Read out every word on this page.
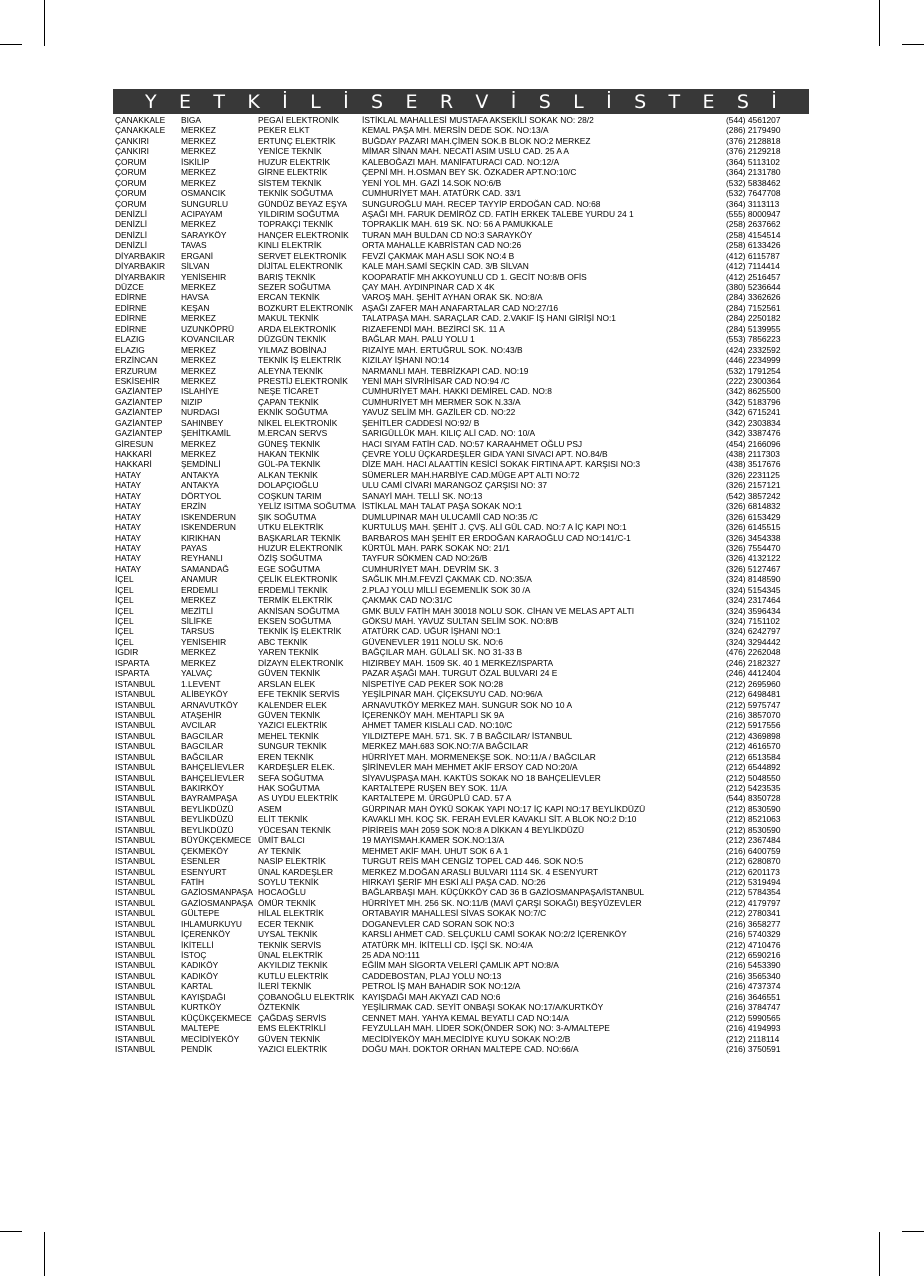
Y E T K İ L İ S E R V İ S L İ S T E S İ
ÇANAKKALE	BIGA	PEGAİ ELEKTRONİK	İSTİKLAL MAHALLESİ MUSTAFA AKSEKİLİ SOKAK NO: 28/2	(544) 4561207
ÇANAKKALE	MERKEZ	PEKER ELKT	KEMAL PAŞA MH. MERSİN DEDE SOK. NO:13/A	(286) 2179490
ÇANKIRI	MERKEZ	ERTUNÇ ELEKTRİK	BUĞDAY PAZARI MAH.ÇİMEN SOK.B BLOK NO:2 MERKEZ	(376) 2128818
ÇANKIRI	MERKEZ	YENİCE TEKNİK	MİMAR SİNAN MAH. NECATİ ASIM USLU CAD. 25 A A	(376) 2129218
ÇORUM	İSKİLİP	HUZUR ELEKTRİK	KALEBOĞAZI MAH. MANİFATURACI CAD. NO:12/A	(364) 5113102
ÇORUM	MERKEZ	GİRNE ELEKTRİK	ÇEPNİ MH. H.OSMAN BEY SK. ÖZKADER APT.NO:10/C	(364) 2131780
ÇORUM	MERKEZ	SİSTEM TEKNİK	YENİ YOL MH. GAZİ 14.SOK NO:6/B	(532) 5838462
ÇORUM	OSMANCIK	TEKNİK SOĞUTMA	CUMHURİYET MAH. ATATÜRK CAD. 33/1	(532) 7647708
ÇORUM	SUNGURLU	GÜNDÜZ BEYAZ EŞYA	SUNGUROĞLU MAH. RECEP TAYYİP ERDOĞAN CAD. NO:68	(364) 3113113
DENİZLİ	ACIPAYAM	YILDIRIM SOĞUTMA	AŞAĞI MH. FARUK DEMİRÖZ CD. FATİH ERKEK TALEBE YURDU 24 1	(555) 8000947
DENİZLİ	MERKEZ	TOPRAKÇI TEKNİK	TOPRAKLIK MAH. 619 SK. NO: 56 A PAMUKKALE	(258) 2637662
DENİZLİ	SARAYKÖY	HANÇER ELEKTRONİK	TURAN MAH BULDAN CD NO:3 SARAYKÖY	(258) 4154514
DENİZLİ	TAVAS	KINLI ELEKTRİK	ORTA MAHALLE KABRİSTAN CAD NO:26	(258) 6133426
DİYARBAKIR	ERGANİ	SERVET ELEKTRONİK	FEVZİ ÇAKMAK MAH ASLI SOK NO:4 B	(412) 6115787
DİYARBAKIR	SİLVAN	DİJİTAL ELEKTRONİK	KALE MAH.SAMİ SEÇKİN CAD. 3/B SİLVAN	(412) 7114414
DİYARBAKIR	YENİSEHIR	BARIŞ TEKNİK	KOOPARATİF MH AKKOYUNLU CD 1. GECİT NO:8/B OFİS	(412) 2516457
DÜZCE	MERKEZ	SEZER SOĞUTMA	ÇAY MAH. AYDINPINAR CAD X 4K	(380) 5236644
EDİRNE	HAVSA	ERCAN TEKNİK	VAROŞ MAH. ŞEHİT AYHAN ORAK SK. NO:8/A	(284) 3362626
EDİRNE	KEŞAN	BOZKURT ELEKTRONİK	AŞAĞI ZAFER MAH ANAFARTALAR CAD NO:27/16	(284) 7152561
EDİRNE	MERKEZ	MAKUL TEKNİK	TALATPAŞA MAH. SARAÇLAR CAD. 2.VAKIF İŞ HANI GİRİŞİ NO:1	(284) 2250182
EDİRNE	UZUNKÖPRÜ	ARDA ELEKTRONİK	RIZAEFENDİ MAH. BEZİRCİ SK. 11 A	(284) 5139955
ELAZIG	KOVANCILAR	DÜZGÜN TEKNİK	BAĞLAR MAH. PALU YOLU 1	(553) 7856223
ELAZIG	MERKEZ	YILMAZ BOBİNAJ	RIZAİYE MAH. ERTUĞRUL SOK. NO:43/B	(424) 2332592
ERZİNCAN	MERKEZ	TEKNİK İŞ ELEKTRİK	KIZILAY İŞHANI NO:14	(446) 2234999
ERZURUM	MERKEZ	ALEYNA TEKNİK	NARMANLI MAH. TEBRİZKAPI CAD. NO:19	(532) 1791254
ESKİSEHİR	MERKEZ	PRESTİJ ELEKTRONİK	YENİ MAH SİVRİHİSAR CAD NO:94 /C	(222) 2300364
GAZİANTEP	ISLAHİYE	NEŞE TİCARET	CUMHURİYET MAH. HAKKI DEMİREL CAD. NO:8	(342) 8625500
GAZİANTEP	NIZIP	ÇAPAN TEKNİK	CUMHURİYET MH MERMER SOK N.33/A	(342) 5183796
GAZİANTEP	NURDAGI	EKNİK SOĞUTMA	YAVUZ SELİM MH. GAZİLER CD. NO:22	(342) 6715241
GAZİANTEP	SAHINBEY	NİKEL ELEKTRONİK	ŞEHİTLER CADDESİ NO:92/ B	(342) 2303834
GAZİANTEP	ŞEHİTKAMİL	M.ERCAN SERVS	SARIGÜLLÜK MAH. KILIÇ ALİ CAD. NO: 10/A	(342) 3387476
GİRESUN	MERKEZ	GÜNEŞ TEKNİK	HACI SIYAM FATİH CAD. NO:57 KARAAHMET OĞLU PSJ	(454) 2166096
HAKKARİ	MERKEZ	HAKAN TEKNİK	ÇEVRE YOLU ÜÇKARDEŞLER GIDA YANI SIVACI APT. NO.84/B	(438) 2117303
HAKKARİ	ŞEMDİNLİ	GÜL-PA TEKNİK	DİZE MAH. HACI ALAATTİN KESİCİ SOKAK FIRTINA APT. KARŞISI NO:3	(438) 3517676
HATAY	ANTAKYA	ALKAN TEKNİK	SÜMERLER MAH.HARBİYE CAD.MÜGE APT ALTI NO:72	(326) 2231125
HATAY	ANTAKYA	DOLAPÇIOĞLU	ULU CAMİ CİVARI MARANGOZ ÇARŞISI NO: 37	(326) 2157121
HATAY	DÖRTYOL	COŞKUN TARIM	SANAYİ MAH. TELLİ SK. NO:13	(542) 3857242
HATAY	ERZİN	YELİZ ISITMA SOĞUTMA	İSTİKLAL MAH TALAT PAŞA SOKAK NO:1	(326) 6814832
HATAY	ISKENDERUN	ŞIK SOĞUTMA	DUMLUPINAR MAH ULUCAMİİ CAD NO:35 /C	(326) 6153429
HATAY	ISKENDERUN	UTKU ELEKTRİK	KURTULUŞ MAH. ŞEHİT J. ÇVŞ. ALİ GÜL CAD. NO:7 A İÇ KAPI NO:1	(326) 6145515
HATAY	KIRIKHAN	BAŞKARLAR TEKNİK	BARBAROS MAH ŞEHİT ER ERDOĞAN KARAOĞLU CAD NO:141/C-1	(326) 3454338
HATAY	PAYAS	HUZUR ELEKTRONİK	KÜRTÜL MAH. PARK SOKAK NO: 21/1	(326) 7554470
HATAY	REYHANLI	ÖZİŞ SOĞUTMA	TAYFUR SÖKMEN CAD NO:26/B	(326) 4132122
HATAY	SAMANDAĞ	EGE SOĞUTMA	CUMHURİYET MAH. DEVRİM SK. 3	(326) 5127467
İÇEL	ANAMUR	ÇELİK ELEKTRONİK	SAĞLIK MH.M.FEVZİ ÇAKMAK CD. NO:35/A	(324) 8148590
İÇEL	ERDEMLI	ERDEMLİ TEKNİK	2.PLAJ YOLU MİLLİ EGEMENLİK SOK 30 /A	(324) 5154345
İÇEL	MERKEZ	TERMİK ELEKTRİK	ÇAKMAK CAD NO:31/C	(324) 2317464
İÇEL	MEZİTLİ	AKNİSAN SOĞUTMA	GMK BULV FATİH MAH 30018 NOLU SOK. CİHAN VE MELAS APT ALTI	(324) 3596434
İÇEL	SİLİFKE	EKSEN SOĞUTMA	GÖKSU MAH. YAVUZ SULTAN SELİM SOK. NO:8/B	(324) 7151102
İÇEL	TARSUS	TEKNİK İŞ ELEKTRİK	ATATÜRK CAD. UĞUR İŞHANI NO:1	(324) 6242797
İÇEL	YENİSEHIR	ABC TEKNİK	GÜVENEVLER 1911 NOLU SK. NO:6	(324) 3294442
IGDIR	MERKEZ	YAREN TEKNİK	BAĞÇILAR MAH. GÜLALİ SK. NO 31-33 B	(476) 2262048
ISPARTA	MERKEZ	DİZAYN ELEKTRONİK	HIZIRBEY MAH. 1509 SK. 40 1 MERKEZ/ISPARTA	(246) 2182327
ISPARTA	YALVAÇ	GÜVEN TEKNİK	PAZAR AŞAĞI MAH. TURGUT ÖZAL BULVARI 24 E	(246) 4412404
ISTANBUL	1.LEVENT	ARSLAN ELEK	NİSPETİYE CAD PEKER SOK NO:28	(212) 2695960
ISTANBUL	ALİBEYKÖY	EFE TEKNİK SERVİS	YEŞİLPINAR MAH. ÇİÇEKSUYU CAD. NO:96/A	(212) 6498481
ISTANBUL	ARNAVUTKÖY	KALENDER ELEK	ARNAVUTKÖY MERKEZ MAH. SUNGUR SOK NO 10 A	(212) 5975747
ISTANBUL	ATAŞEHİR	GÜVEN TEKNİK	İÇERENKÖY MAH. MEHTAPLI SK 9A	(216) 3857070
ISTANBUL	AVCILAR	YAZICI ELEKTRİK	AHMET TAMER KISLALI CAD. NO:10/C	(212) 5917556
ISTANBUL	BAGCILAR	MEHEL TEKNİK	YILDIZTEPE MAH. 571. SK. 7 B BAĞCILAR/ İSTANBUL	(212) 4369898
ISTANBUL	BAGCILAR	SUNGUR TEKNİK	MERKEZ MAH.683 SOK.NO:7/A BAĞCILAR	(212) 4616570
ISTANBUL	BAĞCILAR	EREN TEKNİK	HÜRRİYET MAH. MORMENEKŞE SOK. NO:11/A / BAĞCILAR	(212) 6513584
ISTANBUL	BAHÇELİEVLER	KARDEŞLER ELEK.	ŞİRİNEVLER MAH MEHMET AKİF ERSOY CAD NO:20/A	(212) 6544892
ISTANBUL	BAHÇELİEVLER	SEFA SOĞUTMA	SİYAVUŞPAŞA MAH. KAKTÜS SOKAK NO 18 BAHÇELİEVLER	(212) 5048550
ISTANBUL	BAKIRKÖY	HAK SOĞUTMA	KARTALTEPE RUŞEN BEY SOK. 11/A	(212) 5423535
ISTANBUL	BAYRAMPAŞA	AS UYDU ELEKTRİK	KARTALTEPE M. ÜRGÜPLÜ CAD. 57 A	(544) 8350728
ISTANBUL	BEYLİKDÜZÜ	ASEM	GÜRPINAR MAH ÖYKÜ SOKAK YAPI NO:17 İÇ KAPI NO:17 BEYLİKDÜZÜ	(212) 8530590
ISTANBUL	BEYLİKDÜZÜ	ELİT TEKNİK	KAVAKLI MH. KOÇ SK. FERAH EVLER KAVAKLI SİT. A BLOK NO:2 D:10	(212) 8521063
ISTANBUL	BEYLİKDÜZÜ	YÜCESAN TEKNİK	PİRİREİS MAH 2059 SOK NO:8 A DİKKAN 4 BEYLİKDÜZÜ	(212) 8530590
ISTANBUL	BÜYÜKÇEKMECE	ÜMİT BALCI	19 MAYISMAH.KAMER SOK.NO:13/A	(212) 2367484
ISTANBUL	ÇEKMEKÖY	AY TEKNİK	MEHMET AKİF MAH. UHUT SOK 6 A 1	(216) 6400759
ISTANBUL	ESENLER	NASİP ELEKTRİK	TURGUT REİS MAH CENGİZ TOPEL CAD 446. SOK NO:5	(212) 6280870
ISTANBUL	ESENYURT	ÜNAL KARDEŞLER	MERKEZ M.DOĞAN ARASLI BULVARI 1114 SK. 4 ESENYURT	(212) 6201173
ISTANBUL	FATİH	SOYLU TEKNİK	HIRKAYI ŞERİF MH ESKİ ALİ PAŞA CAD. NO:26	(212) 5319494
ISTANBUL	GAZİOSMANPAŞA	HOCAOĞLU	BAĞLARBAŞI MAH. KÜÇÜKKÖY CAD 36 B GAZİOSMANPAŞA/İSTANBUL	(212) 5784354
ISTANBUL	GAZİOSMANPAŞA	ÖMÜR TEKNİK	HÜRRİYET MH. 256 SK. NO:11/B (MAVİ ÇARŞI SOKAĞI) BEŞYÜZEVLER	(212) 4179797
ISTANBUL	GÜLTEPE	HİLAL ELEKTRİK	ORTABAYIR MAHALLESİ SİVAS SOKAK NO:7/C	(212) 2780341
ISTANBUL	IHLAMURKUYU	ECER TEKNIK	DOGANEVLER CAD SORAN SOK NO:3	(216) 3658277
ISTANBUL	İÇERENKÖY	UYSAL TEKNİK	KARSLI AHMET CAD. SELÇUKLU CAMİ SOKAK NO:2/2 İÇERENKÖY	(216) 5740329
ISTANBUL	İKİTELLİ	TEKNİK SERVİS	ATATÜRK MH. İKİTELLİ CD. İŞÇİ SK. NO:4/A	(212) 4710476
ISTANBUL	İSTOÇ	ÜNAL ELEKTRİK	25 ADA NO:111	(212) 6590216
ISTANBUL	KADIKÖY	AKYILDIZ TEKNİK	EĞİİM MAH SİGORTA VELERİ ÇAMLIK APT NO:8/A	(216) 5453390
ISTANBUL	KADIKÖY	KUTLU ELEKTRİK	CADDEBOSTAN, PLAJ YOLU NO:13	(216) 3565340
ISTANBUL	KARTAL	İLERİ TEKNİK	PETROL İŞ MAH BAHADIR SOK NO:12/A	(216) 4737374
ISTANBUL	KAYIŞDAĞI	ÇOBANOĞLU ELEKTRİK	KAYIŞDAĞI MAH AKYAZI CAD NO:6	(216) 3646551
ISTANBUL	KURTKÖY	ÖZTEKNİK	YEŞİLIRMAK CAD. SEYİT ONBAŞI SOKAK NO:17/A/KURTKÖY	(216) 3784747
ISTANBUL	KÜÇÜKÇEKMECE	ÇAĞDAŞ SERVİS	CENNET MAH. YAHYA KEMAL BEYATLI CAD NO:14/A	(212) 5990565
ISTANBUL	MALTEPE	EMS ELEKTRİKLİ	FEYZULLAH MAH. LİDER SOK(ÖNDER SOK) NO: 3-A/MALTEPE	(216) 4194993
ISTANBUL	MECİDİYEKÖY	GÜVEN TEKNİK	MECİDİYEKÖY MAH.MECİDİYE KUYU SOKAK NO:2/B	(212) 2118114
ISTANBUL	PENDİK	YAZICI ELEKTRİK	DOĞU MAH. DOKTOR ORHAN MALTEPE CAD. NO:66/A	(216) 3750591
